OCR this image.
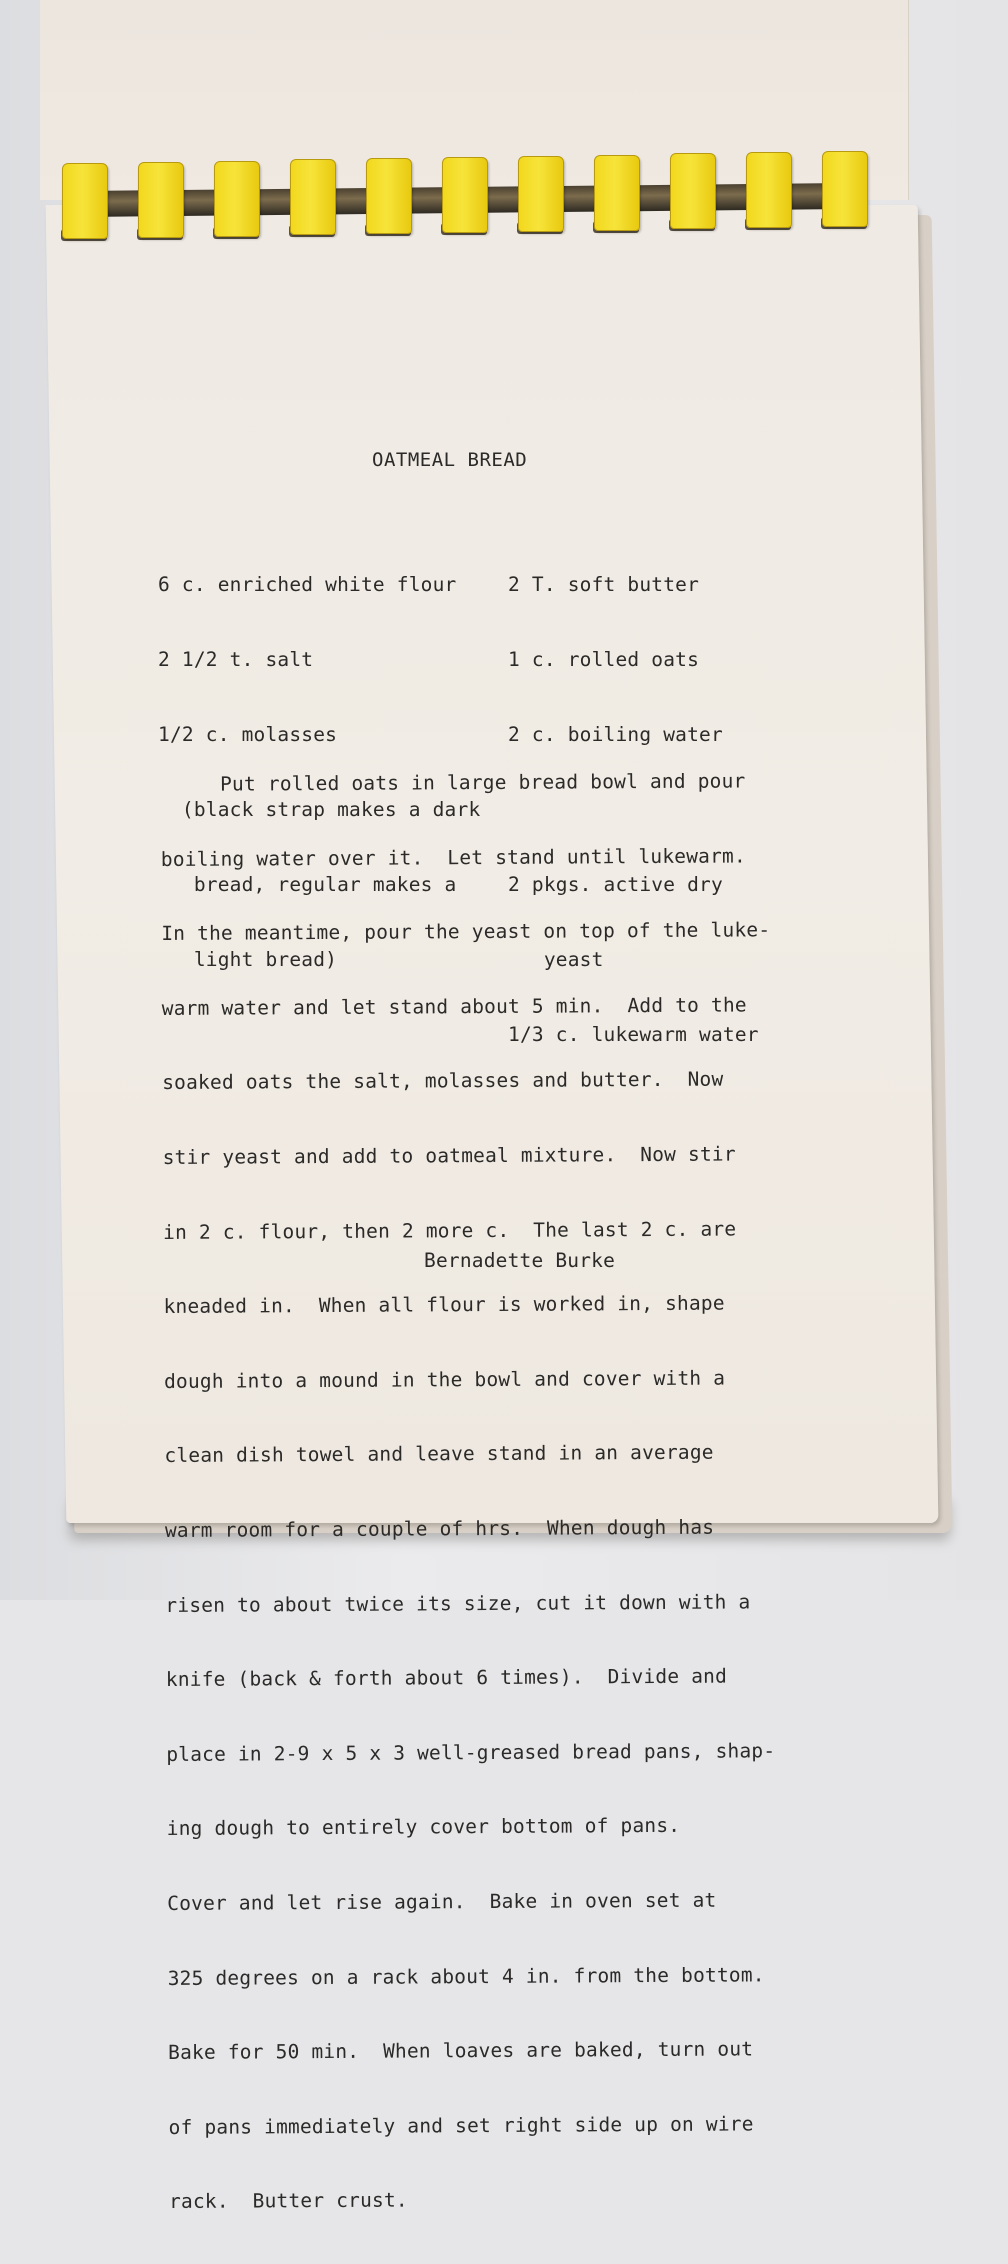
OATMEAL BREAD

6 c. enriched white flour

2 1/2 t. salt

1/2 c. molasses

(black strap makes a dark

bread, regular makes a

light bread)

2 T. soft butter

1 c. rolled oats

2 c. boiling water

2 pkgs. active dry

yeast

1/3 c. lukewarm water

Put rolled oats in large bread bowl and pour

boiling water over it.  Let stand until lukewarm.

In the meantime, pour the yeast on top of the luke-

warm water and let stand about 5 min.  Add to the

soaked oats the salt, molasses and butter.  Now

stir yeast and add to oatmeal mixture.  Now stir

in 2 c. flour, then 2 more c.  The last 2 c. are

kneaded in.  When all flour is worked in, shape

dough into a mound in the bowl and cover with a

clean dish towel and leave stand in an average

warm room for a couple of hrs.  When dough has

risen to about twice its size, cut it down with a

knife (back & forth about 6 times).  Divide and

place in 2-9 x 5 x 3 well-greased bread pans, shap-

ing dough to entirely cover bottom of pans.

Cover and let rise again.  Bake in oven set at

325 degrees on a rack about 4 in. from the bottom.

Bake for 50 min.  When loaves are baked, turn out

of pans immediately and set right side up on wire

rack.  Butter crust.

Bernadette Burke
